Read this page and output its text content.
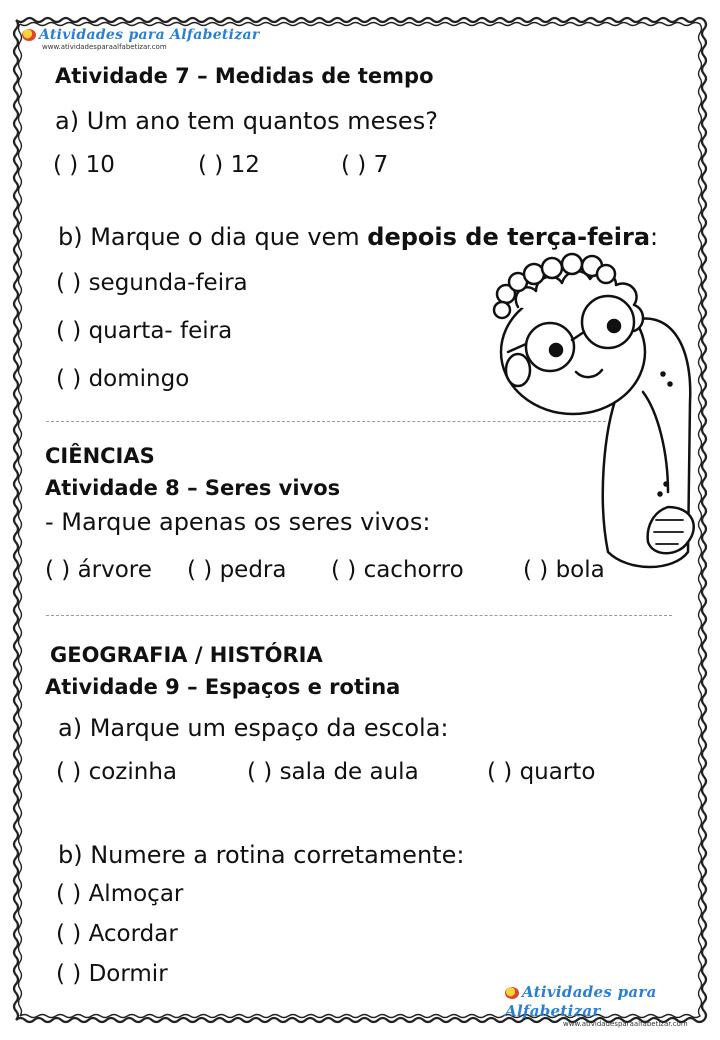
Atividades para Alfabetizar
www.atividadesparaalfabetizar.com
Atividade 7 – Medidas de tempo
a) Um ano tem quantos meses?
( ) 10	( ) 12	( ) 7
b) Marque o dia que vem depois de terça-feira:
( ) segunda-feira
( ) quarta- feira
( ) domingo
CIÊNCIAS
Atividade 8 – Seres vivos
- Marque apenas os seres vivos:
( ) árvore ( ) pedra ( ) cachorro	( ) bola
GEOGRAFIA / HISTÓRIA
Atividade 9 – Espaços e rotina
a) Marque um espaço da escola:
( ) cozinha	( ) sala de aula	( ) quarto
b) Numere a rotina corretamente:
( ) Almoçar
( ) Acordar
( ) Dormir
Atividades para Alfabetizar
www.atividadesparaalfabetizar.com
